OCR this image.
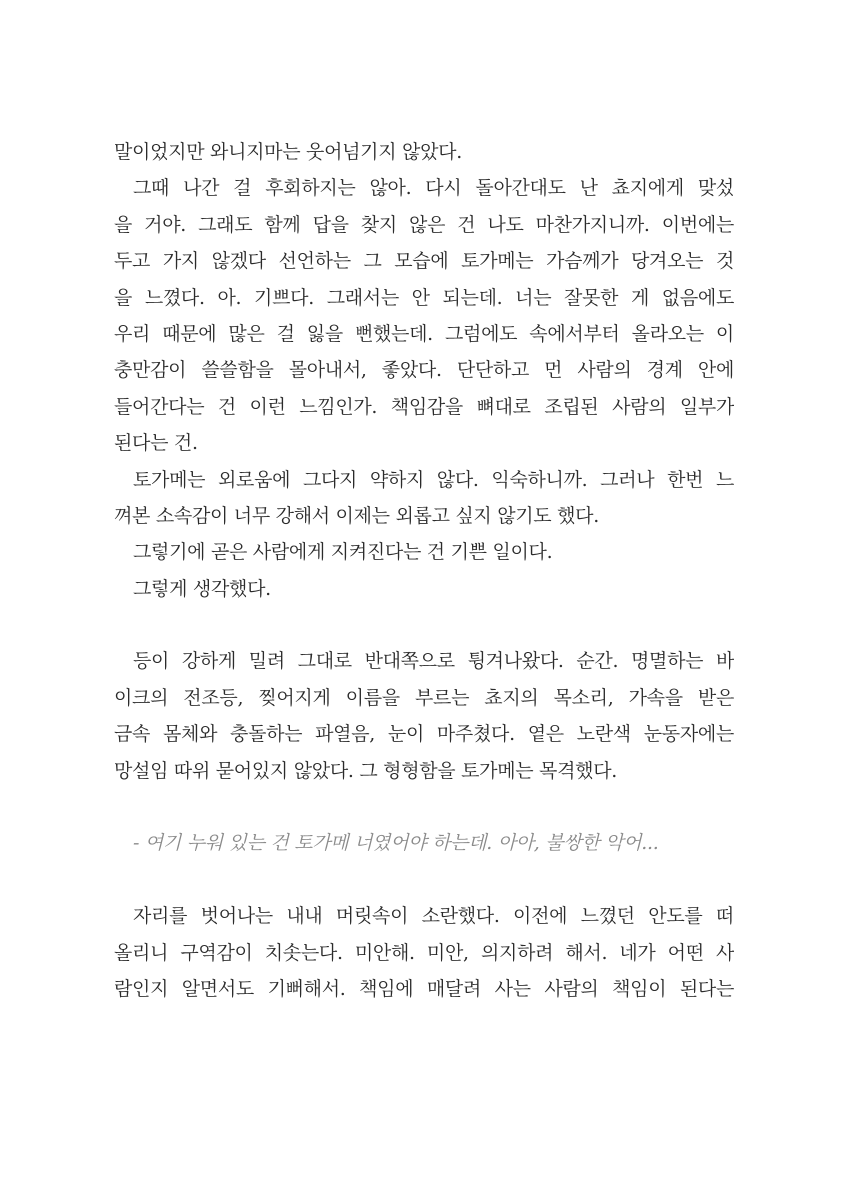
말이었지만 와니지마는 웃어넘기지 않았다.
그때 나간 걸 후회하지는 않아. 다시 돌아간대도 난 쵸지에게 맞섰
을 거야. 그래도 함께 답을 찾지 않은 건 나도 마찬가지니까. 이번에는
두고 가지 않겠다 선언하는 그 모습에 토가메는 가슴께가 당겨오는 것
을 느꼈다. 아. 기쁘다. 그래서는 안 되는데. 너는 잘못한 게 없음에도
우리 때문에 많은 걸 잃을 뻔했는데. 그럼에도 속에서부터 올라오는 이
충만감이 쓸쓸함을 몰아내서, 좋았다. 단단하고 먼 사람의 경계 안에
들어간다는 건 이런 느낌인가. 책임감을 뼈대로 조립된 사람의 일부가
된다는 건.
토가메는 외로움에 그다지 약하지 않다. 익숙하니까. 그러나 한번 느
껴본 소속감이 너무 강해서 이제는 외롭고 싶지 않기도 했다.
그렇기에 곧은 사람에게 지켜진다는 건 기쁜 일이다.
그렇게 생각했다.
등이 강하게 밀려 그대로 반대쪽으로 튕겨나왔다. 순간. 명멸하는 바
이크의 전조등, 찢어지게 이름을 부르는 쵸지의 목소리, 가속을 받은
금속 몸체와 충돌하는 파열음, 눈이 마주쳤다. 옅은 노란색 눈동자에는
망설임 따위 묻어있지 않았다. 그 형형함을 토가메는 목격했다.
- 여기 누워 있는 건 토가메 너였어야 하는데. 아아, 불쌍한 악어...
자리를 벗어나는 내내 머릿속이 소란했다. 이전에 느꼈던 안도를 떠
올리니 구역감이 치솟는다. 미안해. 미안, 의지하려 해서. 네가 어떤 사
람인지 알면서도 기뻐해서. 책임에 매달려 사는 사람의 책임이 된다는
